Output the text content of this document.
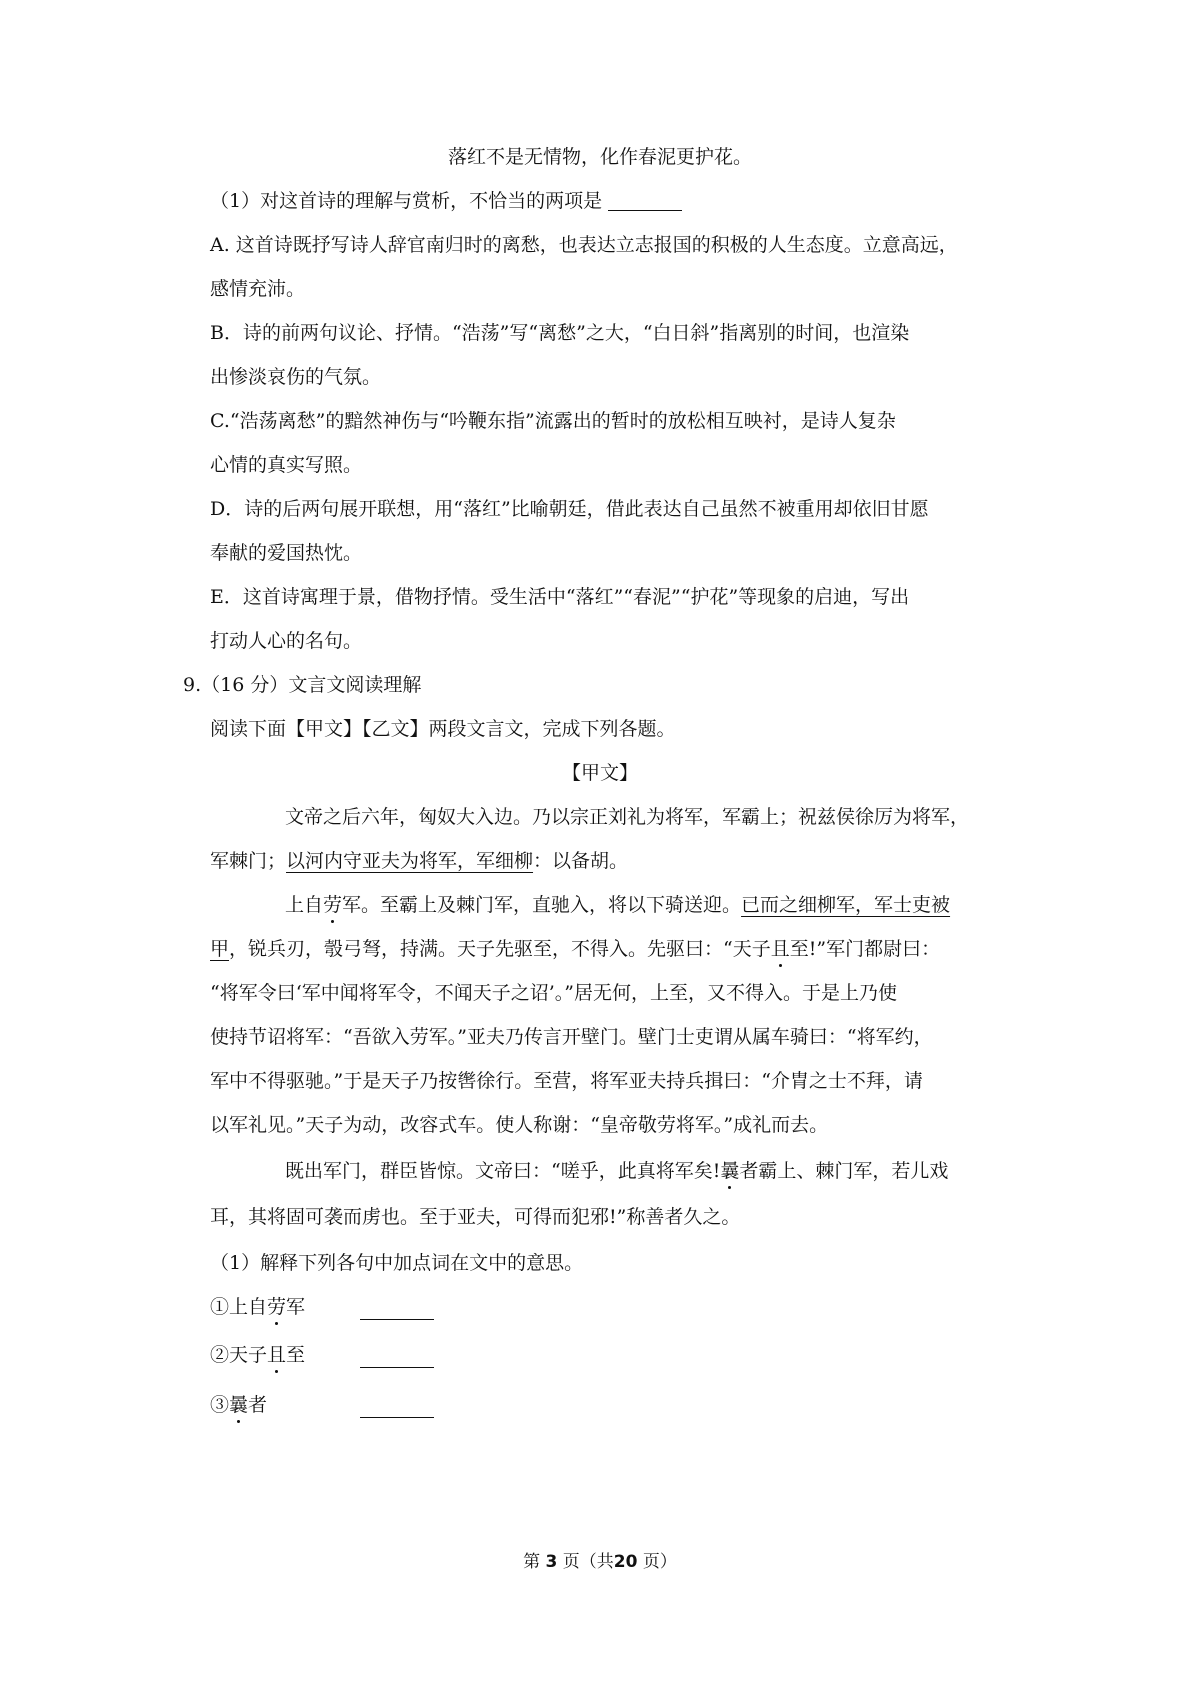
落红不是无情物，化作春泥更护花。
（1）对这首诗的理解与赏析，不恰当的两项是
A. 这首诗既抒写诗人辞官南归时的离愁，也表达立志报国的积极的人生态度。立意高远，
感情充沛。
B．诗的前两句议论、抒情。“浩荡”写“离愁”之大，“白日斜”指离别的时间，也渲染
出惨淡哀伤的气氛。
C.“浩荡离愁”的黯然神伤与“吟鞭东指”流露出的暂时的放松相互映衬，是诗人复杂
心情的真实写照。
D．诗的后两句展开联想，用“落红”比喻朝廷，借此表达自己虽然不被重用却依旧甘愿
奉献的爱国热忱。
E．这首诗寓理于景，借物抒情。受生活中“落红”“春泥”“护花”等现象的启迪，写出
打动人心的名句。
9.（16 分）文言文阅读理解
阅读下面【甲文】【乙文】两段文言文，完成下列各题。
【甲文】
文帝之后六年，匈奴大入边。乃以宗正刘礼为将军，军霸上；祝兹侯徐厉为将军，
军棘门；以河内守亚夫为将军，军细柳：以备胡。
上自劳军。至霸上及棘门军，直驰入，将以下骑送迎。已而之细柳军，军士吏被
甲，锐兵刃，彀弓弩，持满。天子先驱至，不得入。先驱曰：“天子且至!”军门都尉曰：
“将军令曰‘军中闻将军令，不闻天子之诏’。”居无何，上至，又不得入。于是上乃使
使持节诏将军：“吾欲入劳军。”亚夫乃传言开壁门。壁门士吏谓从属车骑曰：“将军约，
军中不得驱驰。”于是天子乃按辔徐行。至营，将军亚夫持兵揖曰：“介胄之士不拜，请
以军礼见。”天子为动，改容式车。使人称谢：“皇帝敬劳将军。”成礼而去。
既出军门，群臣皆惊。文帝曰：“嗟乎，此真将军矣!曩者霸上、棘门军，若儿戏
耳，其将固可袭而虏也。至于亚夫，可得而犯邪!”称善者久之。
（1）解释下列各句中加点词在文中的意思。
①上自劳军
②天子且至
③曩者
第 3 页（共20 页）
